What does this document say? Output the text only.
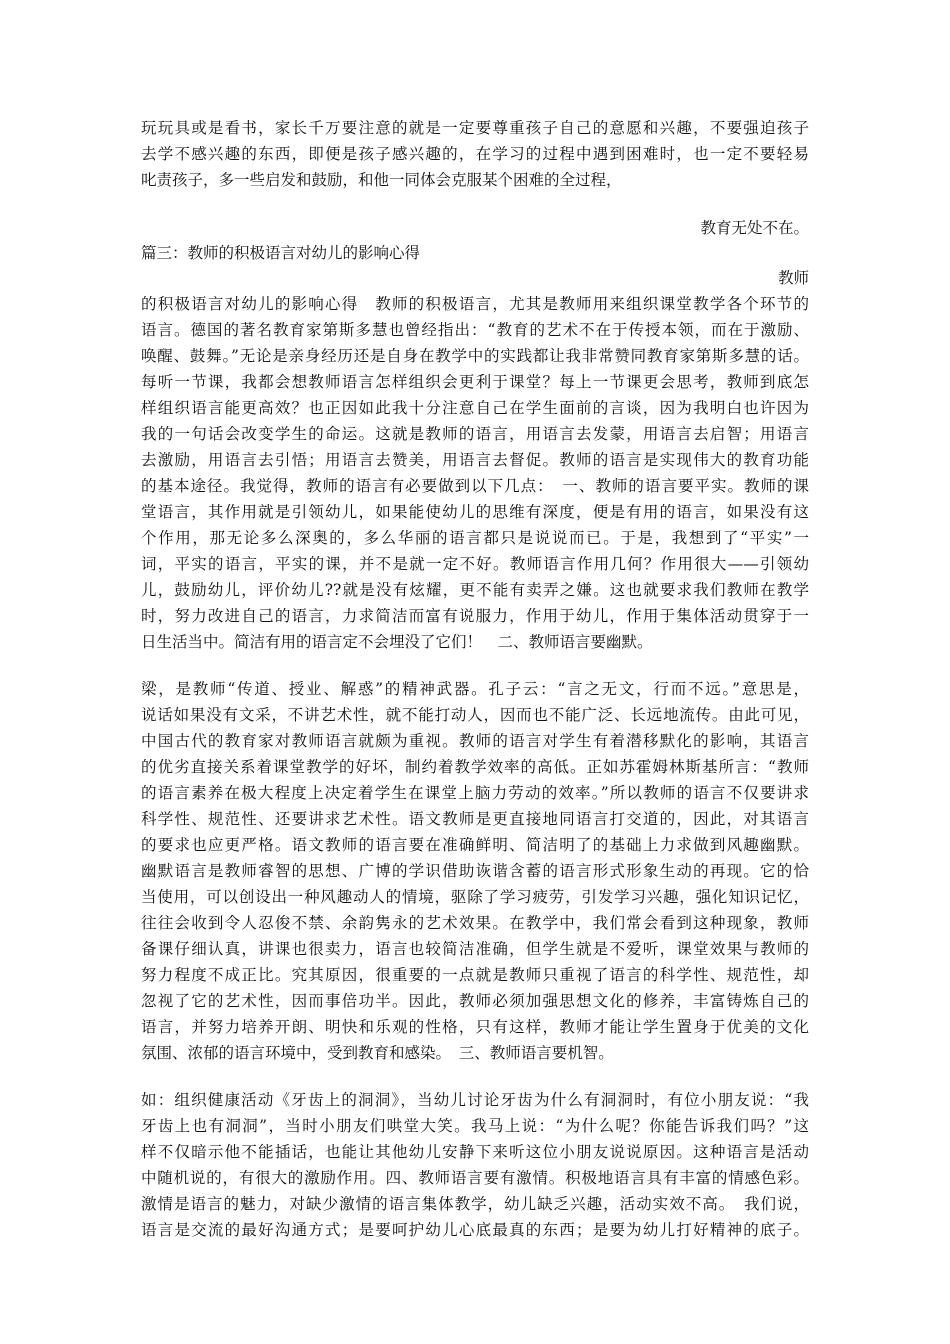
玩玩具或是看书，家长千万要注意的就是一定要尊重孩子自己的意愿和兴趣，不要强迫孩子
去学不感兴趣的东西，即便是孩子感兴趣的，在学习的过程中遇到困难时，也一定不要轻易
叱责孩子，多一些启发和鼓励，和他一同体会克服某个困难的全过程，
教育无处不在。
篇三：教师的积极语言对幼儿的影响心得
教师
的积极语言对幼儿的影响心得　教师的积极语言，尤其是教师用来组织课堂教学各个环节的
语言。德国的著名教育家第斯多慧也曾经指出：“教育的艺术不在于传授本领，而在于激励、
唤醒、鼓舞。”无论是亲身经历还是自身在教学中的实践都让我非常赞同教育家第斯多慧的话。
每听一节课，我都会想教师语言怎样组织会更利于课堂？每上一节课更会思考，教师到底怎
样组织语言能更高效？也正因如此我十分注意自己在学生面前的言谈，因为我明白也许因为
我的一句话会改变学生的命运。这就是教师的语言，用语言去发蒙，用语言去启智；用语言
去激励，用语言去引悟；用语言去赞美，用语言去督促。教师的语言是实现伟大的教育功能
的基本途径。我觉得，教师的语言有必要做到以下几点：　一、教师的语言要平实。教师的课
堂语言，其作用就是引领幼儿，如果能使幼儿的思维有深度，便是有用的语言，如果没有这
个作用，那无论多么深奥的，多么华丽的语言都只是说说而已。于是，我想到了“平实”一
词，平实的语言，平实的课，并不是就一定不好。教师语言作用几何？作用很大——引领幼
儿，鼓励幼儿，评价幼儿??就是没有炫耀，更不能有卖弄之嫌。这也就要求我们教师在教学
时，努力改进自己的语言，力求简洁而富有说服力，作用于幼儿，作用于集体活动贯穿于一
日生活当中。简洁有用的语言定不会埋没了它们！　二、教师语言要幽默。
梁，是教师“传道、授业、解惑”的精神武器。孔子云：“言之无文，行而不远。”意思是，
说话如果没有文采，不讲艺术性，就不能打动人，因而也不能广泛、长远地流传。由此可见，
中国古代的教育家对教师语言就颇为重视。教师的语言对学生有着潜移默化的影响，其语言
的优劣直接关系着课堂教学的好坏，制约着教学效率的高低。正如苏霍姆林斯基所言：“教师
的语言素养在极大程度上决定着学生在课堂上脑力劳动的效率。”所以教师的语言不仅要讲求
科学性、规范性、还要讲求艺术性。语文教师是更直接地同语言打交道的，因此，对其语言
的要求也应更严格。语文教师的语言要在准确鲜明、简洁明了的基础上力求做到风趣幽默。
幽默语言是教师睿智的思想、广博的学识借助诙谐含蓄的语言形式形象生动的再现。它的恰
当使用，可以创设出一种风趣动人的情境，驱除了学习疲劳，引发学习兴趣，强化知识记忆，
往往会收到令人忍俊不禁、余韵隽永的艺术效果。在教学中，我们常会看到这种现象，教师
备课仔细认真，讲课也很卖力，语言也较简洁准确，但学生就是不爱听，课堂效果与教师的
努力程度不成正比。究其原因，很重要的一点就是教师只重视了语言的科学性、规范性，却
忽视了它的艺术性，因而事倍功半。因此，教师必须加强思想文化的修养，丰富铸炼自己的
语言，并努力培养开朗、明快和乐观的性格，只有这样，教师才能让学生置身于优美的文化
氛围、浓郁的语言环境中，受到教育和感染。　三、教师语言要机智。
如：组织健康活动《牙齿上的洞洞》，当幼儿讨论牙齿为什么有洞洞时，有位小朋友说：“我
牙齿上也有洞洞”，当时小朋友们哄堂大笑。我马上说：“为什么呢？你能告诉我们吗？”这
样不仅暗示他不能插话，也能让其他幼儿安静下来听这位小朋友说说原因。这种语言是活动
中随机说的，有很大的激励作用。四、教师语言要有激情。积极地语言具有丰富的情感色彩。
激情是语言的魅力，对缺少激情的语言集体教学，幼儿缺乏兴趣，活动实效不高。　我们说，
语言是交流的最好沟通方式；是要呵护幼儿心底最真的东西；是要为幼儿打好精神的底子。
